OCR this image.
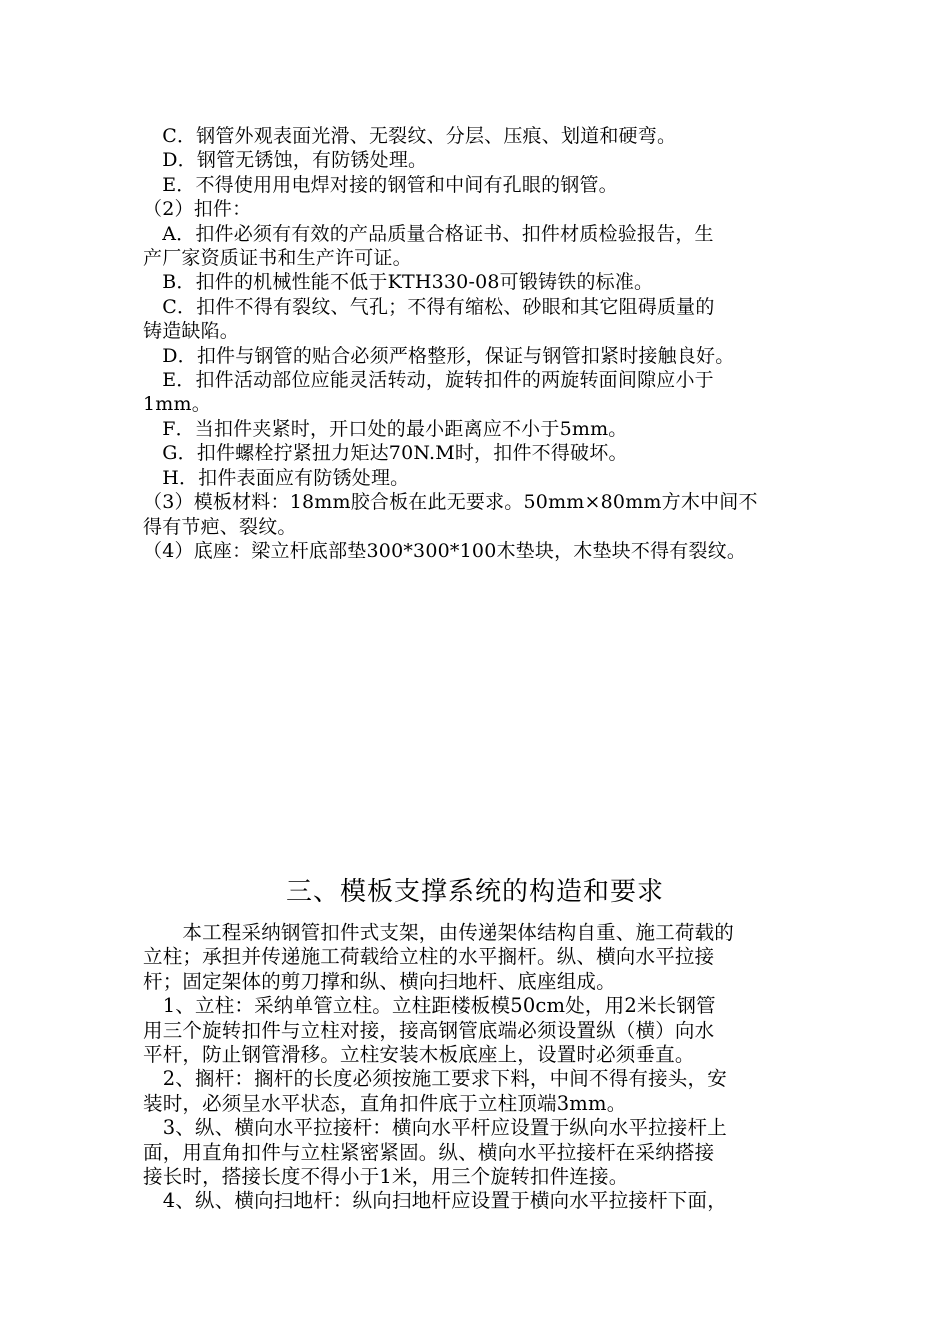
　C．钢管外观表面光滑、无裂纹、分层、压痕、划道和硬弯。
　D．钢管无锈蚀，有防锈处理。
　E．不得使用用电焊对接的钢管和中间有孔眼的钢管。
（2）扣件：
　A．扣件必须有有效的产品质量合格证书、扣件材质检验报告，生
产厂家资质证书和生产许可证。
　B．扣件的机械性能不低于KTH330-08可锻铸铁的标准。
　C．扣件不得有裂纹、气孔；不得有缩松、砂眼和其它阻碍质量的
铸造缺陷。
　D．扣件与钢管的贴合必须严格整形，保证与钢管扣紧时接触良好。
　E．扣件活动部位应能灵活转动，旋转扣件的两旋转面间隙应小于
1mm。
　F．当扣件夹紧时，开口处的最小距离应不小于5mm。
　G．扣件螺栓拧紧扭力矩达70N.M时，扣件不得破坏。
　H．扣件表面应有防锈处理。
（3）模板材料：18mm胶合板在此无要求。50mm×80mm方木中间不
得有节疤、裂纹。
（4）底座：梁立杆底部垫300*300*100木垫块，木垫块不得有裂纹。
三、模板支撑系统的构造和要求
　　本工程采纳钢管扣件式支架，由传递架体结构自重、施工荷载的
立柱；承担并传递施工荷载给立柱的水平搁杆。纵、横向水平拉接
杆；固定架体的剪刀撑和纵、横向扫地杆、底座组成。
　1、立柱：采纳单管立柱。立柱距楼板模50cm处，用2米长钢管
用三个旋转扣件与立柱对接，接高钢管底端必须设置纵（横）向水
平杆，防止钢管滑移。立柱安装木板底座上，设置时必须垂直。
　2、搁杆：搁杆的长度必须按施工要求下料，中间不得有接头，安
装时，必须呈水平状态，直角扣件底于立柱顶端3mm。
　3、纵、横向水平拉接杆：横向水平杆应设置于纵向水平拉接杆上
面，用直角扣件与立柱紧密紧固。纵、横向水平拉接杆在采纳搭接
接长时，搭接长度不得小于1米，用三个旋转扣件连接。
　4、纵、横向扫地杆：纵向扫地杆应设置于横向水平拉接杆下面，
